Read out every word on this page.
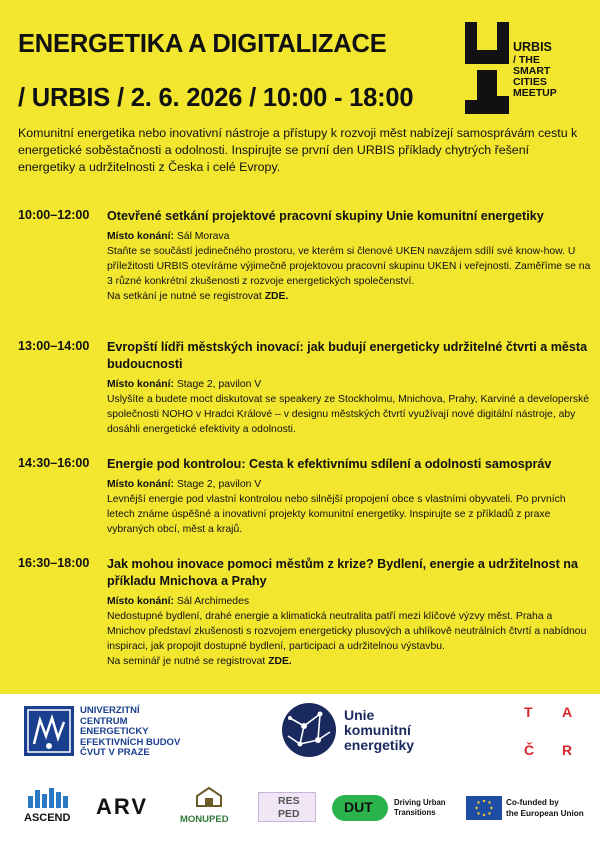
ENERGETIKA A DIGITALIZACE
/ URBIS / 2. 6. 2026 / 10:00 - 18:00
URBIS
/ THE
SMART
CITIES
MEETUP

Komunitní energetika nebo inovativní nástroje a přístupy k rozvoji měst nabízejí samosprávám cestu k energetické soběstačnosti a odolnosti. Inspirujte se první den URBIS příklady chytrých řešení energetiky a udržitelnosti z Česka i celé Evropy.

10:00–12:00 Otevřené setkání projektové pracovní skupiny Unie komunitní energetiky
Místo konání: Sál Morava
Staňte se součástí jedinečného prostoru, ve kterém si členové UKEN navzájem sdílí své know-how. U příležitosti URBIS otevíráme výjimečně projektovou pracovní skupinu UKEN i veřejnosti. Zaměříme se na 3 různé konkrétní zkušenosti z rozvoje energetických společenství.
Na setkání je nutné se registrovat ZDE.
13:00–14:00 Evropští lídři městských inovací: jak budují energeticky udržitelné čtvrti a města budoucnosti
Místo konání: Stage 2, pavilon V
Uslyšíte a budete moct diskutovat se speakery ze Stockholmu, Mnichova, Prahy, Karviné a developerské společnosti NOHO v Hradci Králové – v designu městských čtvrtí využívají nové digitální nástroje, aby dosáhli energetické efektivity a odolnosti.
14:30–16:00 Energie pod kontrolou: Cesta k efektivnímu sdílení a odolnosti samospráv
Místo konání: Stage 2, pavilon V
Levnější energie pod vlastní kontrolou nebo silnější propojení obce s vlastními obyvateli. Po prvních letech známe úspěšné a inovativní projekty komunitní energetiky. Inspirujte se z příkladů z praxe vybraných obcí, měst a krajů.
16:30–18:00 Jak mohou inovace pomoci městům z krize? Bydlení, energie a udržitelnost na příkladu Mnichova a Prahy
Místo konání: Sál Archimedes
Nedostupné bydlení, drahé energie a klimatická neutralita patří mezi klíčové výzvy měst. Praha a Mnichov představí zkušenosti s rozvojem energeticky plusových a uhlíkově neutrálních čtvrtí a nabídnou inspiraci, jak propojit dostupné bydlení, participaci a udržitelnou výstavbu.
Na seminář je nutné se registrovat ZDE.
UNIVERZITNÍ
CENTRUM
ENERGETICKY
EFEKTIVNÍCH BUDOV
ČVUT V PRAZE
Unie
komunitní
energetiky
T A
Č R
ASCEND ARV
MONUPED
RES
PED	DUT	Driving Urban
Transitions
Co-funded by
the European Union
